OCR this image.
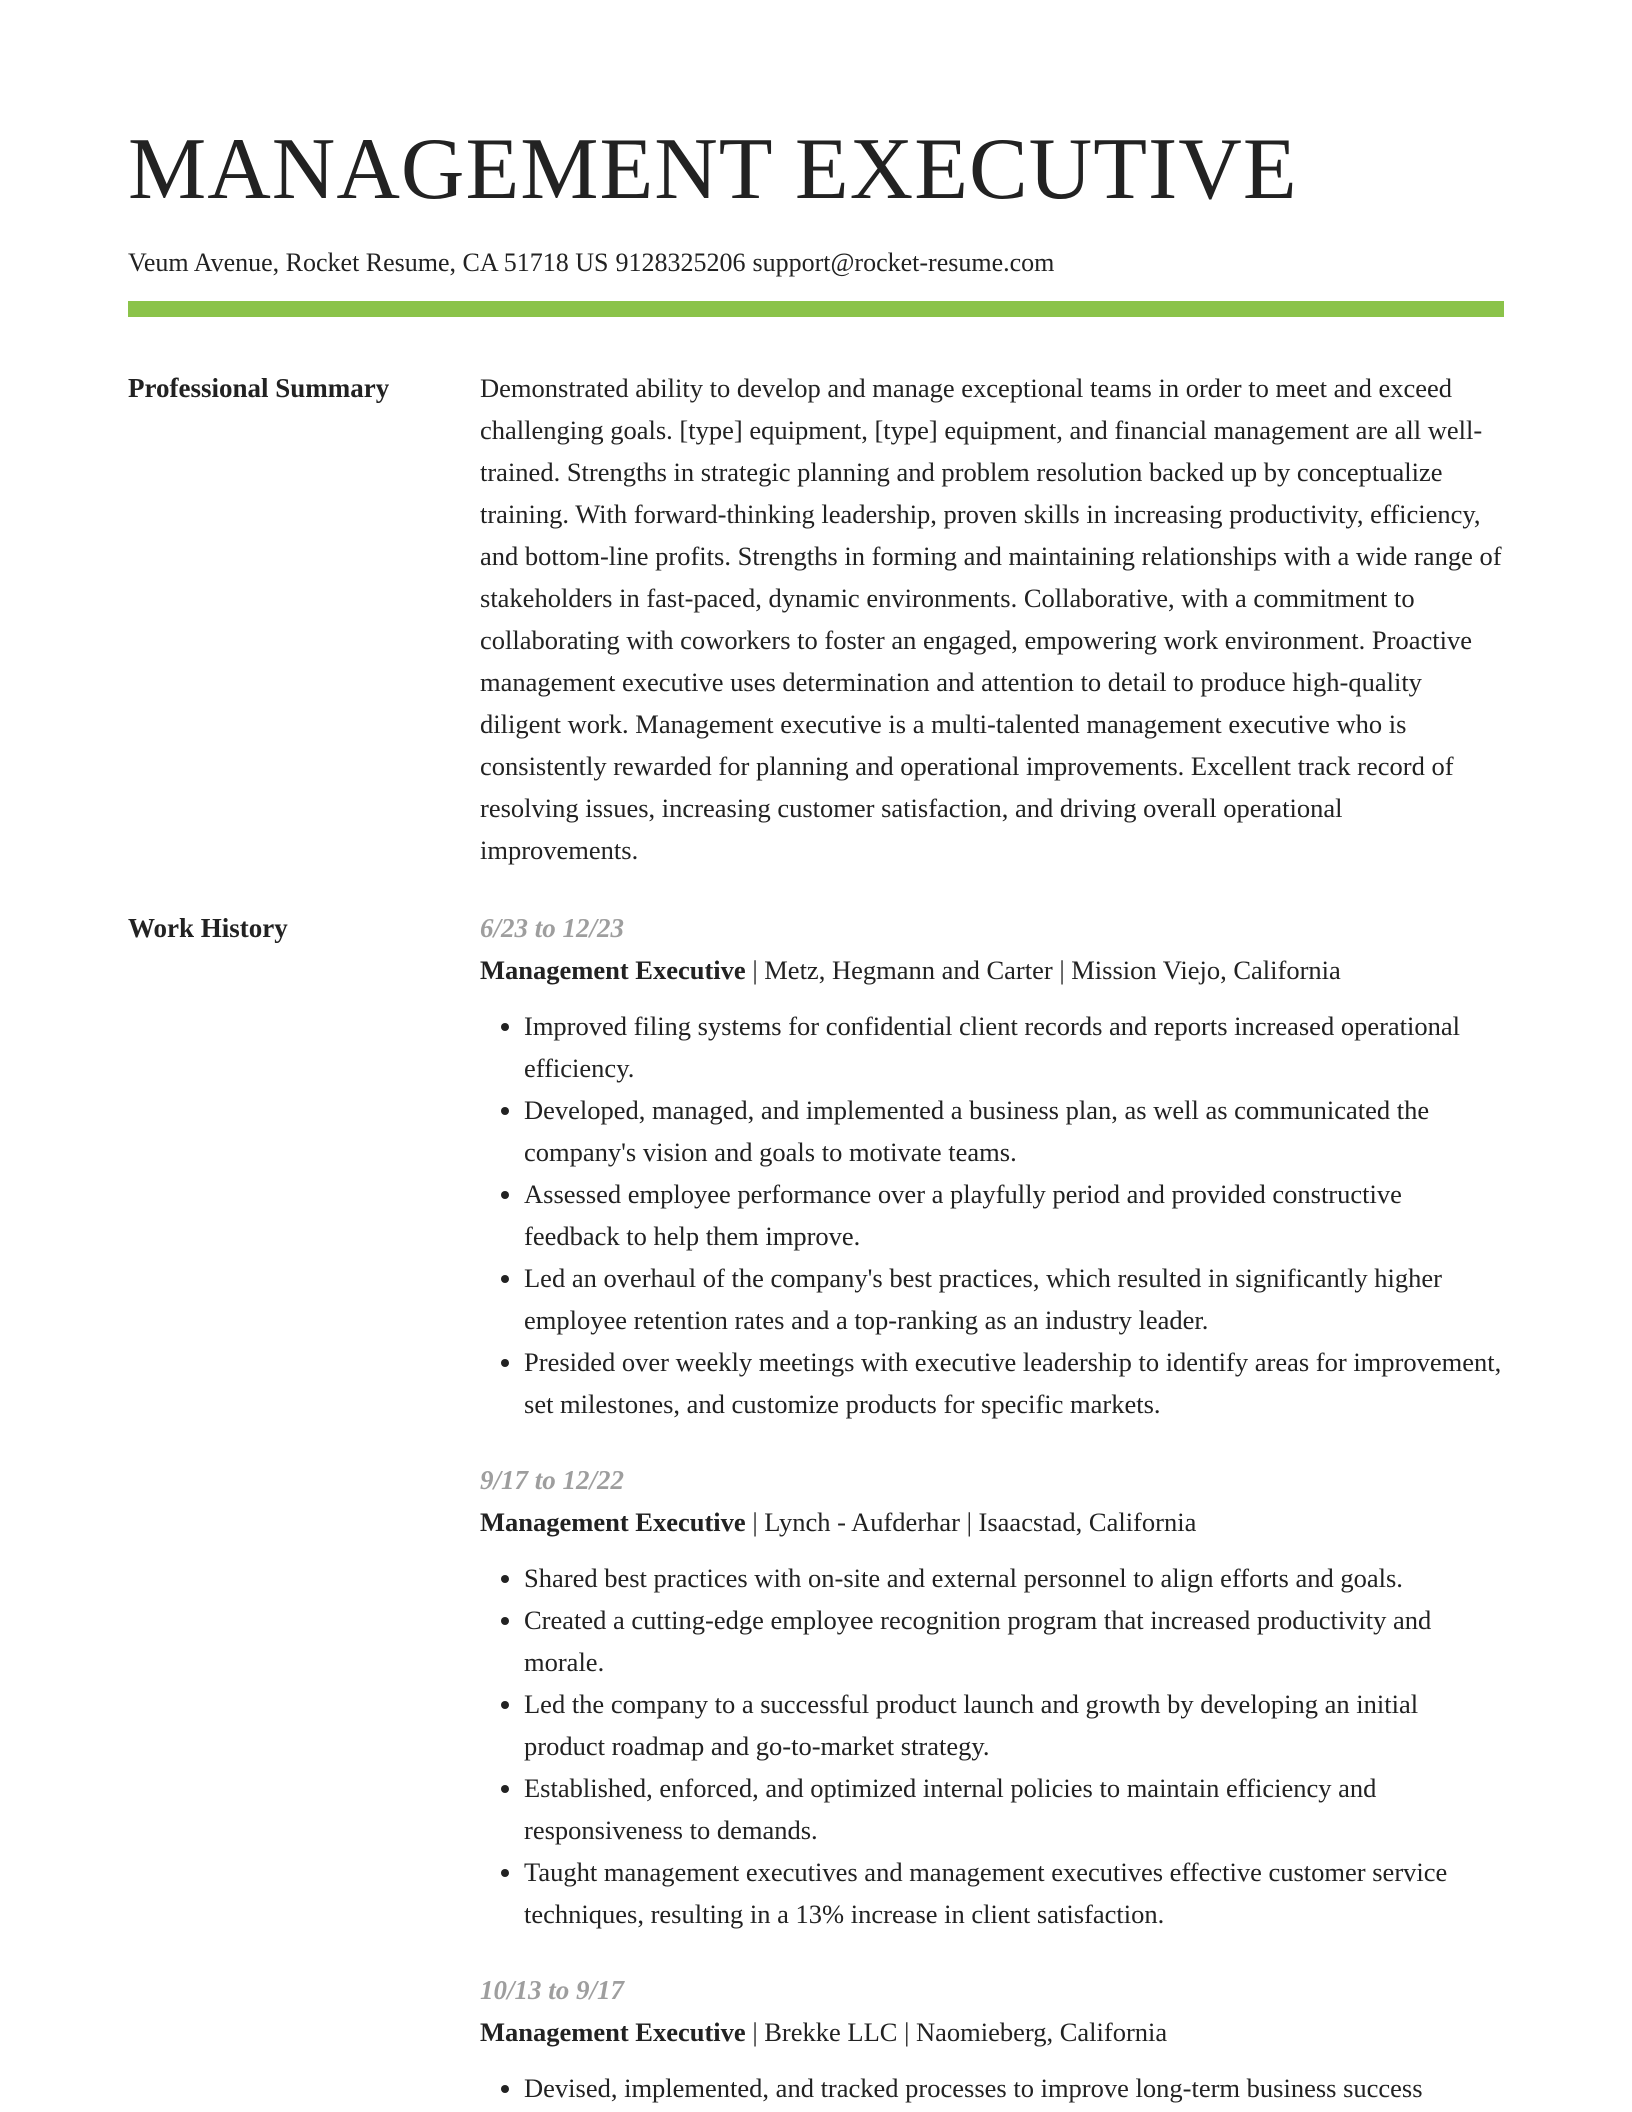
MANAGEMENT EXECUTIVE
Veum Avenue, Rocket Resume, CA 51718 US 9128325206 support@rocket-resume.com
Professional Summary	Demonstrated ability to develop and manage exceptional teams in order to meet and exceed challenging goals. [type] equipment, [type] equipment, and financial management are all well-trained. Strengths in strategic planning and problem resolution backed up by conceptualize training. With forward-thinking leadership, proven skills in increasing productivity, efficiency, and bottom-line profits. Strengths in forming and maintaining relationships with a wide range of stakeholders in fast-paced, dynamic environments. Collaborative, with a commitment to collaborating with coworkers to foster an engaged, empowering work environment. Proactive management executive uses determination and attention to detail to produce high-quality diligent work. Management executive is a multi-talented management executive who is consistently rewarded for planning and operational improvements. Excellent track record of resolving issues, increasing customer satisfaction, and driving overall operational improvements.

Work History	6/23 to 12/23
Management Executive | Metz, Hegmann and Carter | Mission Viejo, California
• Improved filing systems for confidential client records and reports increased operational efficiency.
• Developed, managed, and implemented a business plan, as well as communicated the company's vision and goals to motivate teams.
• Assessed employee performance over a playfully period and provided constructive feedback to help them improve.
• Led an overhaul of the company's best practices, which resulted in significantly higher employee retention rates and a top-ranking as an industry leader.
• Presided over weekly meetings with executive leadership to identify areas for improvement, set milestones, and customize products for specific markets.
9/17 to 12/22
Management Executive | Lynch - Aufderhar | Isaacstad, California
• Shared best practices with on-site and external personnel to align efforts and goals.
• Created a cutting-edge employee recognition program that increased productivity and morale.
• Led the company to a successful product launch and growth by developing an initial product roadmap and go-to-market strategy.
• Established, enforced, and optimized internal policies to maintain efficiency and responsiveness to demands.
• Taught management executives and management executives effective customer service techniques, resulting in a 13% increase in client satisfaction.
10/13 to 9/17
Management Executive | Brekke LLC | Naomieberg, California
• Devised, implemented, and tracked processes to improve long-term business success
